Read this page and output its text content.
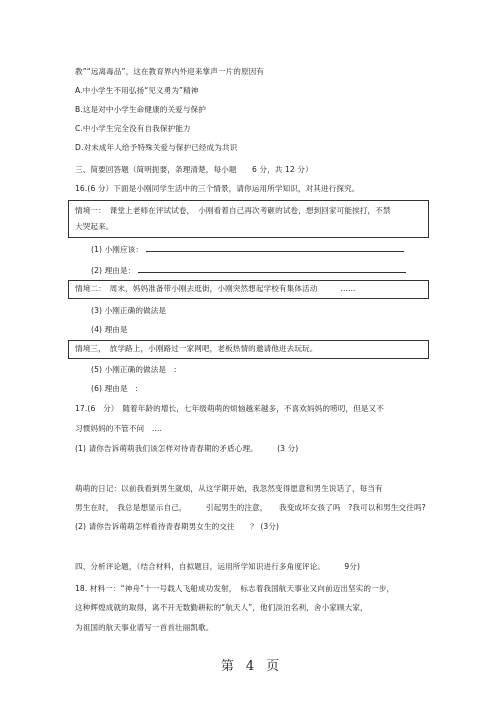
教”“远离毒品”，这在教育界内外迎来掌声一片的原因有
A.中小学生不用弘扬“见义勇为”精神
B.这是对中小学生命健康的关爱与保护
C.中小学生完全没有自我保护能力
D.对未成年人给予特殊关爱与保护已经成为共识
三、简要回答题（简明扼要，条理清楚，每小题　　6 分，共 12 分）
16.(6 分）下面是小刚同学生活中的三个情景，请你运用所学知识，对其进行探究。
情境一：　课堂上老师在评试试卷，　小刚看着自己再次考砸的试卷，想到回家可能挨打，不禁
大哭起来。
(1) 小刚应该：
(2) 理由是：
情境二：　周末，妈妈准备带小刚去逛街，小刚突然想起学校有集体活动　　　......
(3) 小刚正确的做法是
(4) 理由是
情境三，　放学路上，小刚路过一家网吧，老板热情的邀请他进去玩玩。
(5) 小刚正确的做法是　:
(6) 理由是　:
17.(6　分）　随着年龄的增长，七年级萌萌的烦恼越来越多，不喜欢妈妈的唠叨，但是又不
习惯妈妈的不管不问　....
(1) 请你告诉萌萌我们该怎样对待青春期的矛盾心理。　　　(3 分)
萌萌的日记：以前我看到男生就烦，从这学期开始，我忽然变得愿意和男生说话了，每当有
男生在时，　我总是想显示自己，　　　引起男生的注意，　　我变成坏女孩了吗　?我可以和男生交往吗?
(2) 请你告诉萌萌怎样看待青春期男女生的交往　　？ (3分)
四、分析评论题，（结合材料，自拟题目，运用所学知识进行多角度评论。　　　9分)
18. 材料一：“神舟”十一号载人飞船成功发射，　标志着我国航天事业又向前迈出坚实的一步，
这种辉煌成就的取得，离不开无数勤耕耘的“航天人”，他们淡泊名利，舍小家顾大家，
为祖国的航天事业谱写一首首壮丽凯歌。
第 4 页
